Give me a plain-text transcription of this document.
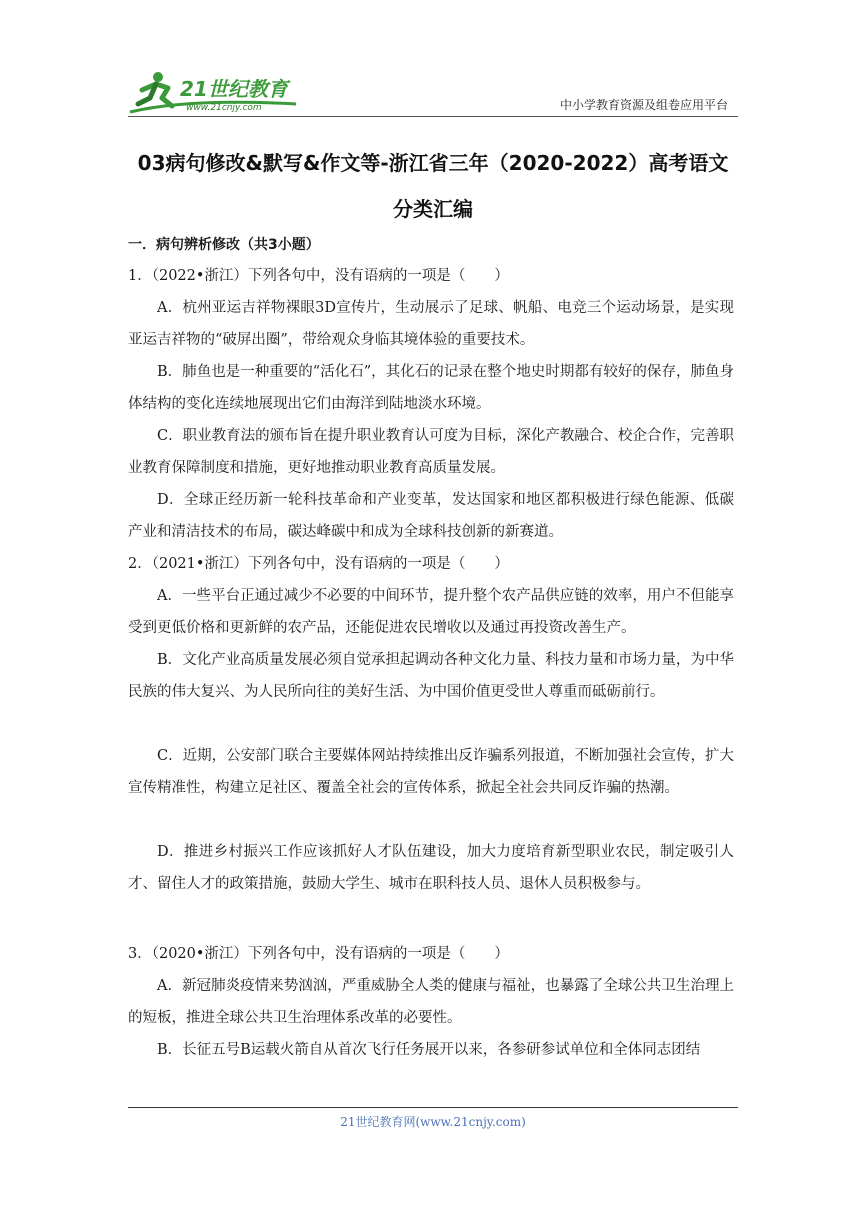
21世纪教育
www.21cnjy.com	中小学教育资源及组卷应用平台
03病句修改&默写&作文等-浙江省三年（2020-2022）高考语文
分类汇编
一．病句辨析修改（共3小题）

1．（2022•浙江）下列各句中，没有语病的一项是（　　）

A．杭州亚运吉祥物裸眼3D宣传片，生动展示了足球、帆船、电竞三个运动场景，是实现亚运吉祥物的“破屏出圈”，带给观众身临其境体验的重要技术。

B．肺鱼也是一种重要的“活化石”，其化石的记录在整个地史时期都有较好的保存，肺鱼身体结构的变化连续地展现出它们由海洋到陆地淡水环境。

C．职业教育法的颁布旨在提升职业教育认可度为目标，深化产教融合、校企合作，完善职业教育保障制度和措施，更好地推动职业教育高质量发展。

D．全球正经历新一轮科技革命和产业变革，发达国家和地区都积极进行绿色能源、低碳产业和清洁技术的布局，碳达峰碳中和成为全球科技创新的新赛道。

2．（2021•浙江）下列各句中，没有语病的一项是（　　）

A．一些平台正通过减少不必要的中间环节，提升整个农产品供应链的效率，用户不但能享受到更低价格和更新鲜的农产品，还能促进农民增收以及通过再投资改善生产。

B．文化产业高质量发展必须自觉承担起调动各种文化力量、科技力量和市场力量，为中华民族的伟大复兴、为人民所向往的美好生活、为中国价值更受世人尊重而砥砺前行。

C．近期，公安部门联合主要媒体网站持续推出反诈骗系列报道，不断加强社会宣传，扩大宣传精准性，构建立足社区、覆盖全社会的宣传体系，掀起全社会共同反诈骗的热潮。

D．推进乡村振兴工作应该抓好人才队伍建设，加大力度培育新型职业农民，制定吸引人才、留住人才的政策措施，鼓励大学生、城市在职科技人员、退休人员积极参与。

3．（2020•浙江）下列各句中，没有语病的一项是（　　）

A．新冠肺炎疫情来势汹汹，严重威胁全人类的健康与福祉，也暴露了全球公共卫生治理上的短板，推进全球公共卫生治理体系改革的必要性。

B．长征五号B运载火箭自从首次飞行任务展开以来，各参研参试单位和全体同志团结

21世纪教育网(www.21cnjy.com)
